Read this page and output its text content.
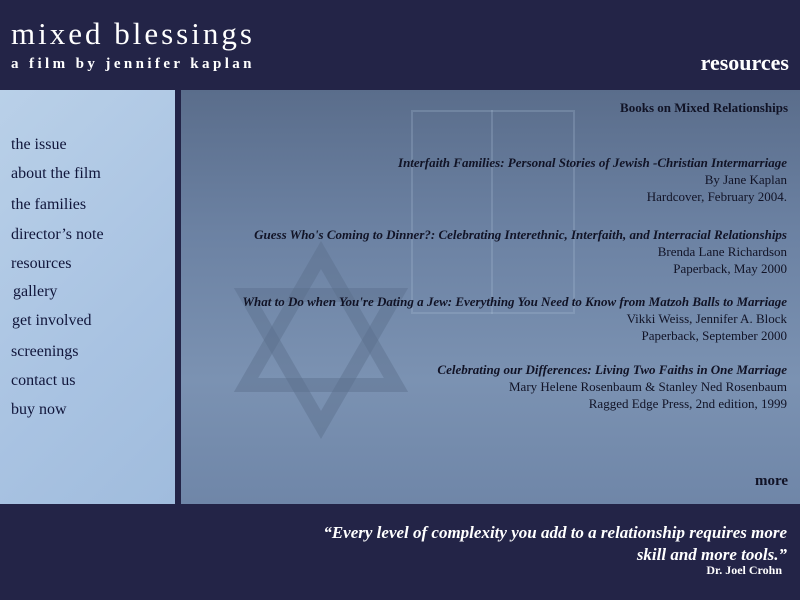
mixed blessings
a film by jennifer kaplan	resources
the issue
about the film
the families
director’s note
resources
gallery
get involved
screenings
contact us
buy now
Books on Mixed Relationships
Interfaith Families: Personal Stories of Jewish -Christian Intermarriage
By Jane Kaplan
Hardcover, February 2004.
Guess Who's Coming to Dinner?: Celebrating Interethnic, Interfaith, and Interracial Relationships
Brenda Lane Richardson
Paperback, May 2000
What to Do when You're Dating a Jew: Everything You Need to Know from Matzoh Balls to Marriage
Vikki Weiss, Jennifer A. Block
Paperback, September 2000
Celebrating our Differences: Living Two Faiths in One Marriage
Mary Helene Rosenbaum & Stanley Ned Rosenbaum
Ragged Edge Press, 2nd edition, 1999
more
“Every level of complexity you add to a relationship requires more
skill and more tools.”
Dr. Joel Crohn
